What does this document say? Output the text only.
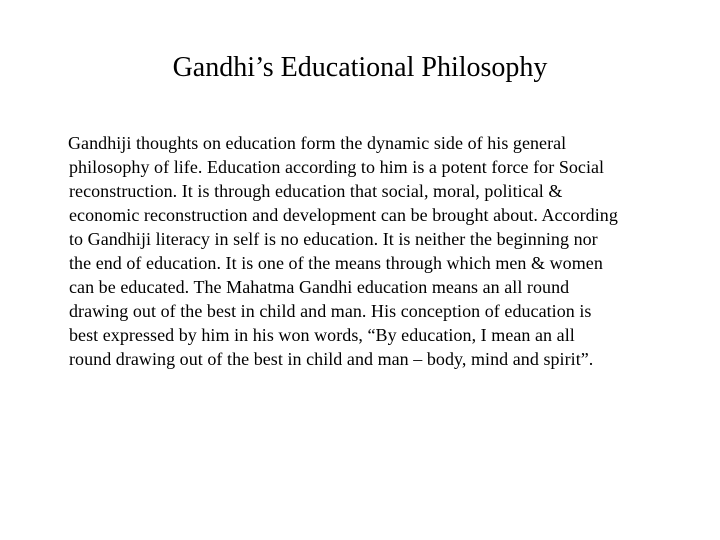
Gandhi’s Educational Philosophy
Gandhiji thoughts on education form the dynamic side of his general
philosophy of life. Education according to him is a potent force for Social
reconstruction. It is through education that social, moral, political &
economic reconstruction and development can be brought about. According
to Gandhiji literacy in self is no education. It is neither the beginning nor
the end of education. It is one of the means through which men & women
can be educated. The Mahatma Gandhi education means an all round
drawing out of the best in child and man. His conception of education is
best expressed by him in his won words, “By education, I mean an all
round drawing out of the best in child and man – body, mind and spirit”.
